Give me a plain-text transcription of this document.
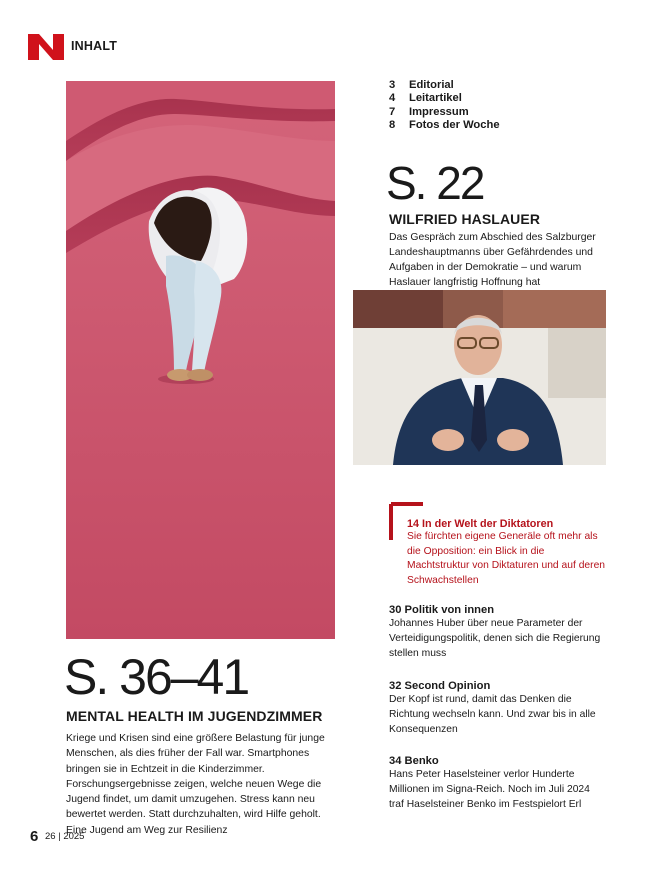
INHALT
S. 36–41
MENTAL HEALTH IM JUGENDZIMMER
Kriege und Krisen sind eine größere Belastung für junge Menschen, als dies früher der Fall war. Smartphones bringen sie in Echtzeit in die Kinderzimmer. Forschungsergebnisse zeigen, welche neuen Wege die Jugend findet, um damit umzugehen. Stress kann neu bewertet werden. Statt durchzuhalten, wird Hilfe geholt. Eine Jugend am Weg zur Resilienz
3	Editorial
4	Leitartikel
7	Impressum
8	Fotos der Woche
S. 22
WILFRIED HASLAUER
Das Gespräch zum Abschied des Salzburger Landeshauptmanns über Gefährdendes und Aufgaben in der Demokratie – und warum Haslauer langfristig Hoffnung hat
14 In der Welt der Diktatoren
Sie fürchten eigene Generäle oft mehr als die Opposition: ein Blick in die Machtstruktur von Diktaturen und auf deren Schwachstellen
30 Politik von innen
Johannes Huber über neue Parameter der Verteidigungspolitik, denen sich die Regierung stellen muss
32 Second Opinion
Der Kopf ist rund, damit das Denken die Richtung wechseln kann. Und zwar bis in alle Konsequenzen
34 Benko
Hans Peter Haselsteiner verlor Hunderte Millionen im Signa-Reich. Noch im Juli 2024 traf Haselsteiner Benko im Festspielort Erl
6 26 | 2025
